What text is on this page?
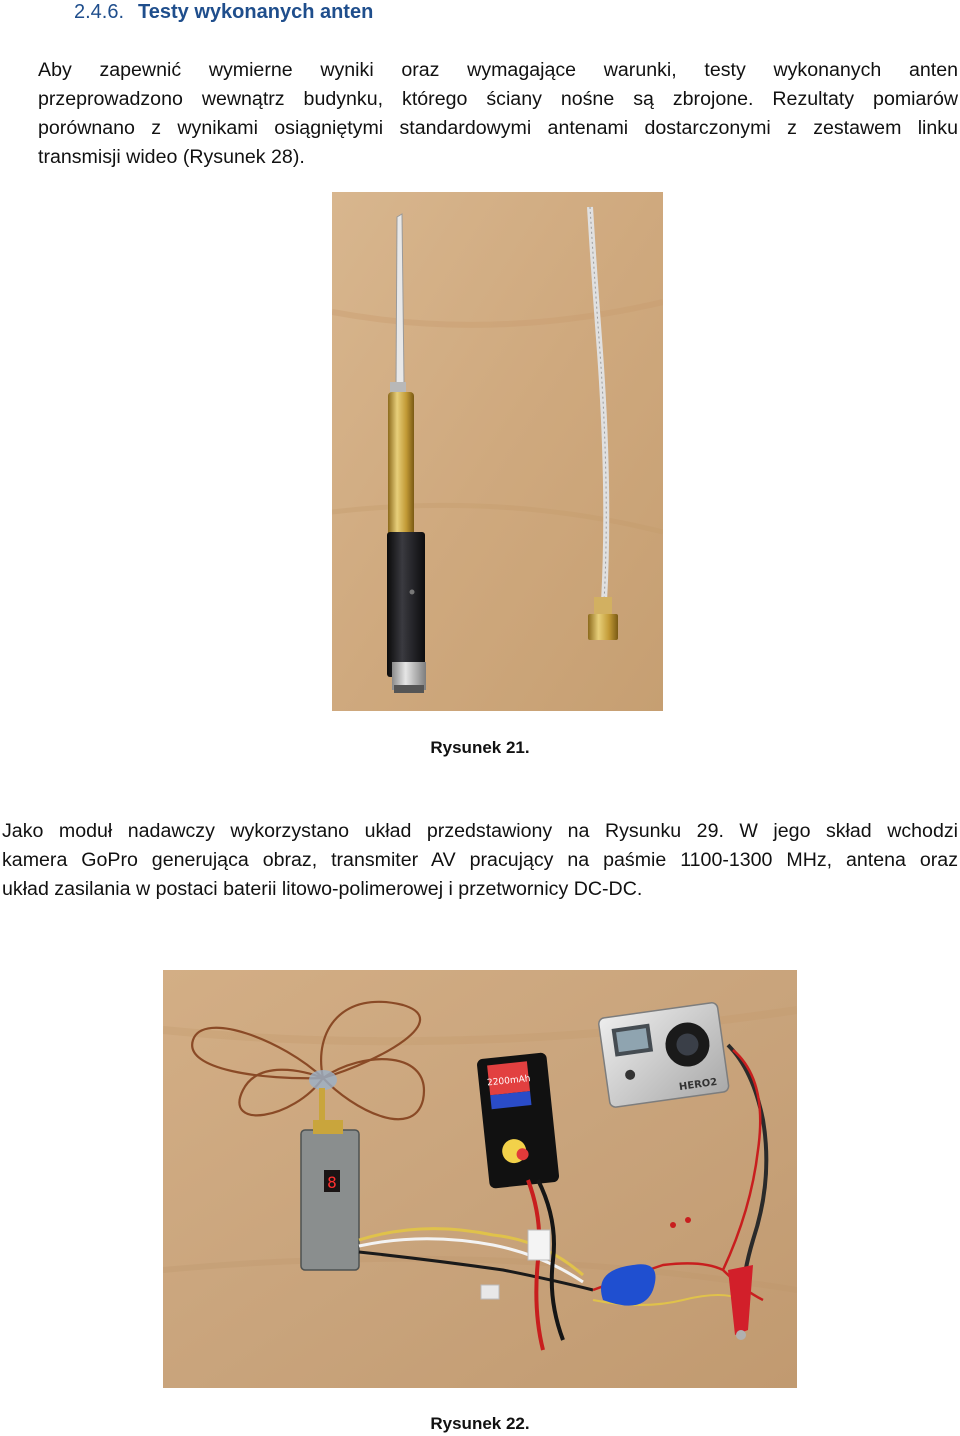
2.4.6. Testy wykonanych anten
Aby zapewnić wymierne wyniki oraz wymagające warunki, testy wykonanych anten
przeprowadzono wewnątrz budynku, którego ściany nośne są zbrojone. Rezultaty pomiarów
porównano z wynikami osiągniętymi standardowymi antenami dostarczonymi z zestawem linku
transmisji wideo (Rysunek 28).
Rysunek 21.
Jako moduł nadawczy wykorzystano układ przedstawiony na Rysunku 29. W jego skład wchodzi
kamera GoPro generująca obraz, transmiter AV pracujący na paśmie 1100-1300 MHz, antena oraz
układ zasilania w postaci baterii litowo-polimerowej i przetwornicy DC-DC.
8
2200mAh	HERO2
Rysunek 22.
